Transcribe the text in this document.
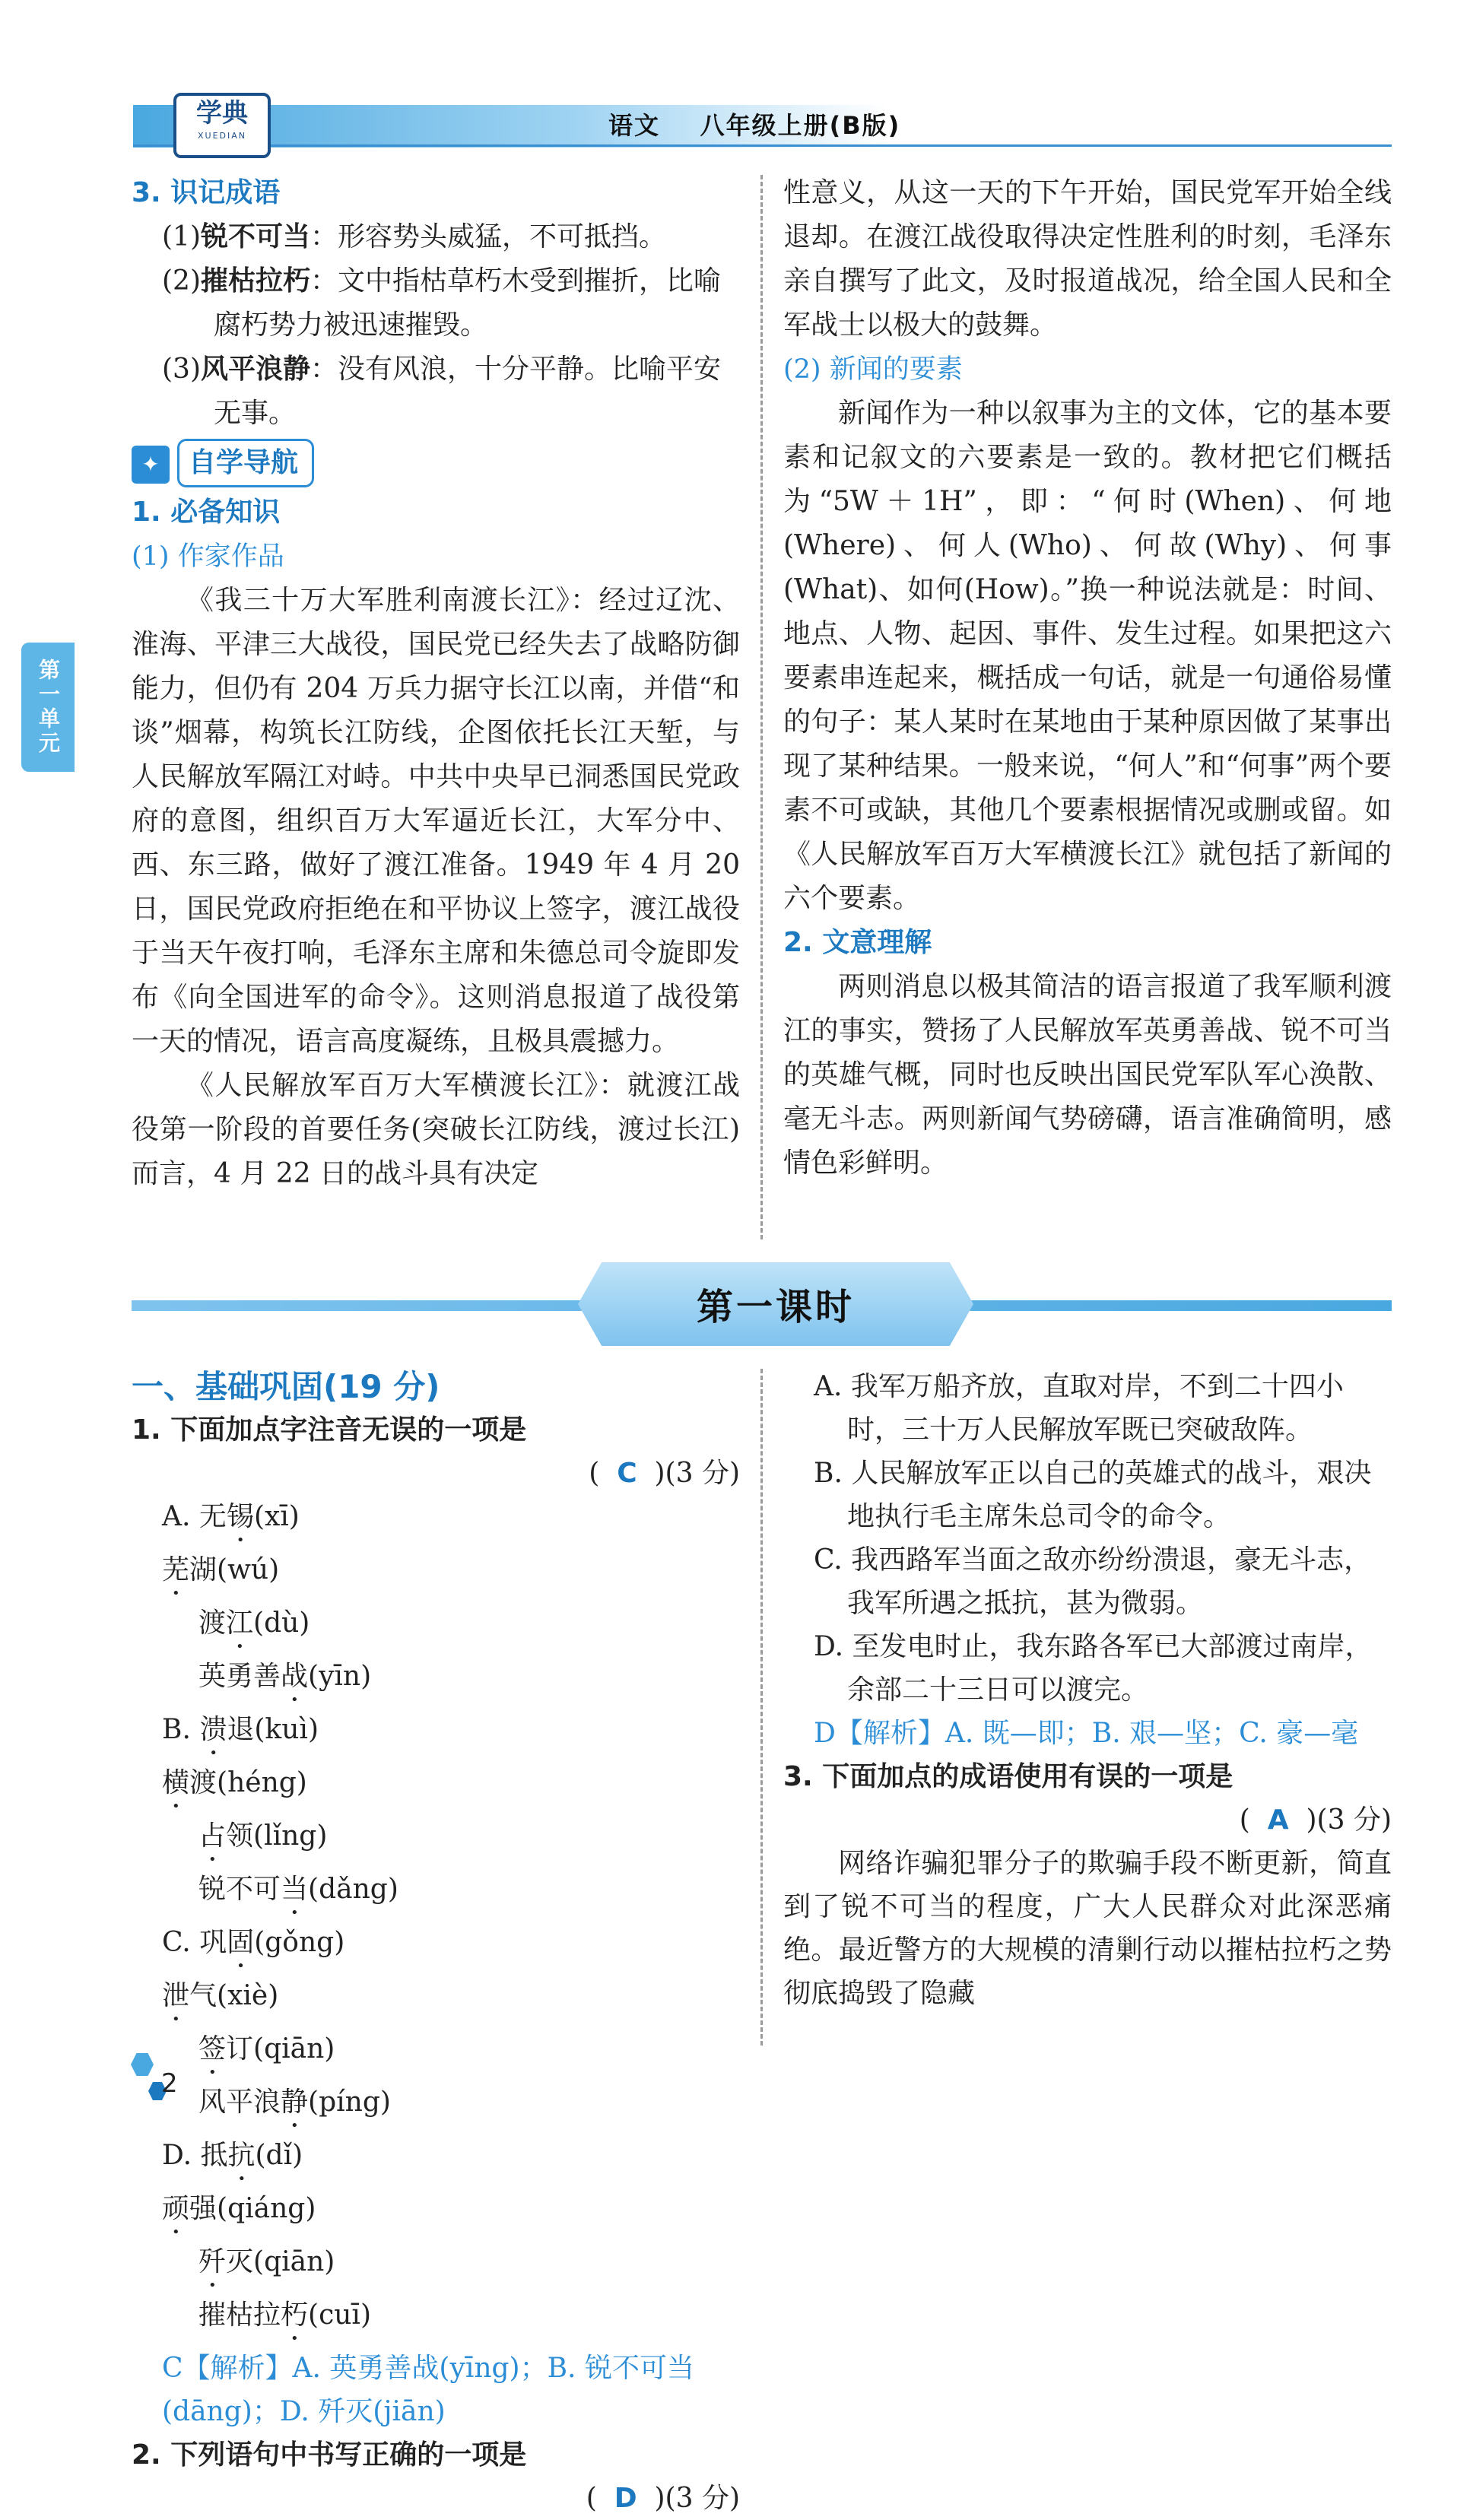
学典
XUEDIAN	语文    八年级上册(B版)
第一单元

3. 识记成语

(1)锐不可当：形容势头威猛，不可抵挡。

(2)摧枯拉朽：文中指枯草朽木受到摧折，比喻腐朽势力被迅速摧毁。

(3)风平浪静：没有风浪，十分平静。比喻平安无事。

✦ 自学导航

1. 必备知识

(1) 作家作品

《我三十万大军胜利南渡长江》：经过辽沈、淮海、平津三大战役，国民党已经失去了战略防御能力，但仍有 204 万兵力据守长江以南，并借“和谈”烟幕，构筑长江防线，企图依托长江天堑，与人民解放军隔江对峙。中共中央早已洞悉国民党政府的意图，组织百万大军逼近长江，大军分中、西、东三路，做好了渡江准备。1949 年 4 月 20 日，国民党政府拒绝在和平协议上签字，渡江战役于当天午夜打响，毛泽东主席和朱德总司令旋即发布《向全国进军的命令》。这则消息报道了战役第一天的情况，语言高度凝练，且极具震撼力。

《人民解放军百万大军横渡长江》：就渡江战役第一阶段的首要任务(突破长江防线，渡过长江)而言，4 月 22 日的战斗具有决定

性意义，从这一天的下午开始，国民党军开始全线退却。在渡江战役取得决定性胜利的时刻，毛泽东亲自撰写了此文，及时报道战况，给全国人民和全军战士以极大的鼓舞。

(2) 新闻的要素

新闻作为一种以叙事为主的文体，它的基本要素和记叙文的六要素是一致的。教材把它们概括为“5W＋1H”，即：“何时(When)、何地(Where)、何人(Who)、何故(Why)、何事(What)、如何(How)。”换一种说法就是：时间、地点、人物、起因、事件、发生过程。如果把这六要素串连起来，概括成一句话，就是一句通俗易懂的句子：某人某时在某地由于某种原因做了某事出现了某种结果。一般来说，“何人”和“何事”两个要素不可或缺，其他几个要素根据情况或删或留。如《人民解放军百万大军横渡长江》就包括了新闻的六个要素。

2. 文意理解

两则消息以极其简洁的语言报道了我军顺利渡江的事实，赞扬了人民解放军英勇善战、锐不可当的英雄气概，同时也反映出国民党军队军心涣散、毫无斗志。两则新闻气势磅礴，语言准确简明，感情色彩鲜明。

第一课时

一、基础巩固(19 分)

1. 下面加点字注音无误的一项是

(  C  )(3 分)

A. 无锡(xī)芜湖(wú)

渡江(dù)英勇善战(yīn)

B. 溃退(kuì)横渡(héng)

占领(lǐng)锐不可当(dǎng)

C. 巩固(gǒng)泄气(xiè)

签订(qiān)风平浪静(píng)

D. 抵抗(dǐ)顽强(qiáng)

歼灭(qiān)摧枯拉朽(cuī)

C【解析】A. 英勇善战(yīng)；B. 锐不可当(dāng)；D. 歼灭(jiān)

2. 下列语句中书写正确的一项是

(  D  )(3 分)

A. 我军万船齐放，直取对岸，不到二十四小时，三十万人民解放军既已突破敌阵。

B. 人民解放军正以自己的英雄式的战斗，艰决地执行毛主席朱总司令的命令。

C. 我西路军当面之敌亦纷纷溃退，豪无斗志，我军所遇之抵抗，甚为微弱。

D. 至发电时止，我东路各军已大部渡过南岸，余部二十三日可以渡完。

D【解析】A. 既—即；B. 艰—坚；C. 豪—毫

3. 下面加点的成语使用有误的一项是

(  A  )(3 分)

网络诈骗犯罪分子的欺骗手段不断更新，简直到了锐不可当的程度，广大人民群众对此深恶痛绝。最近警方的大规模的清剿行动以摧枯拉朽之势彻底捣毁了隐藏

2
